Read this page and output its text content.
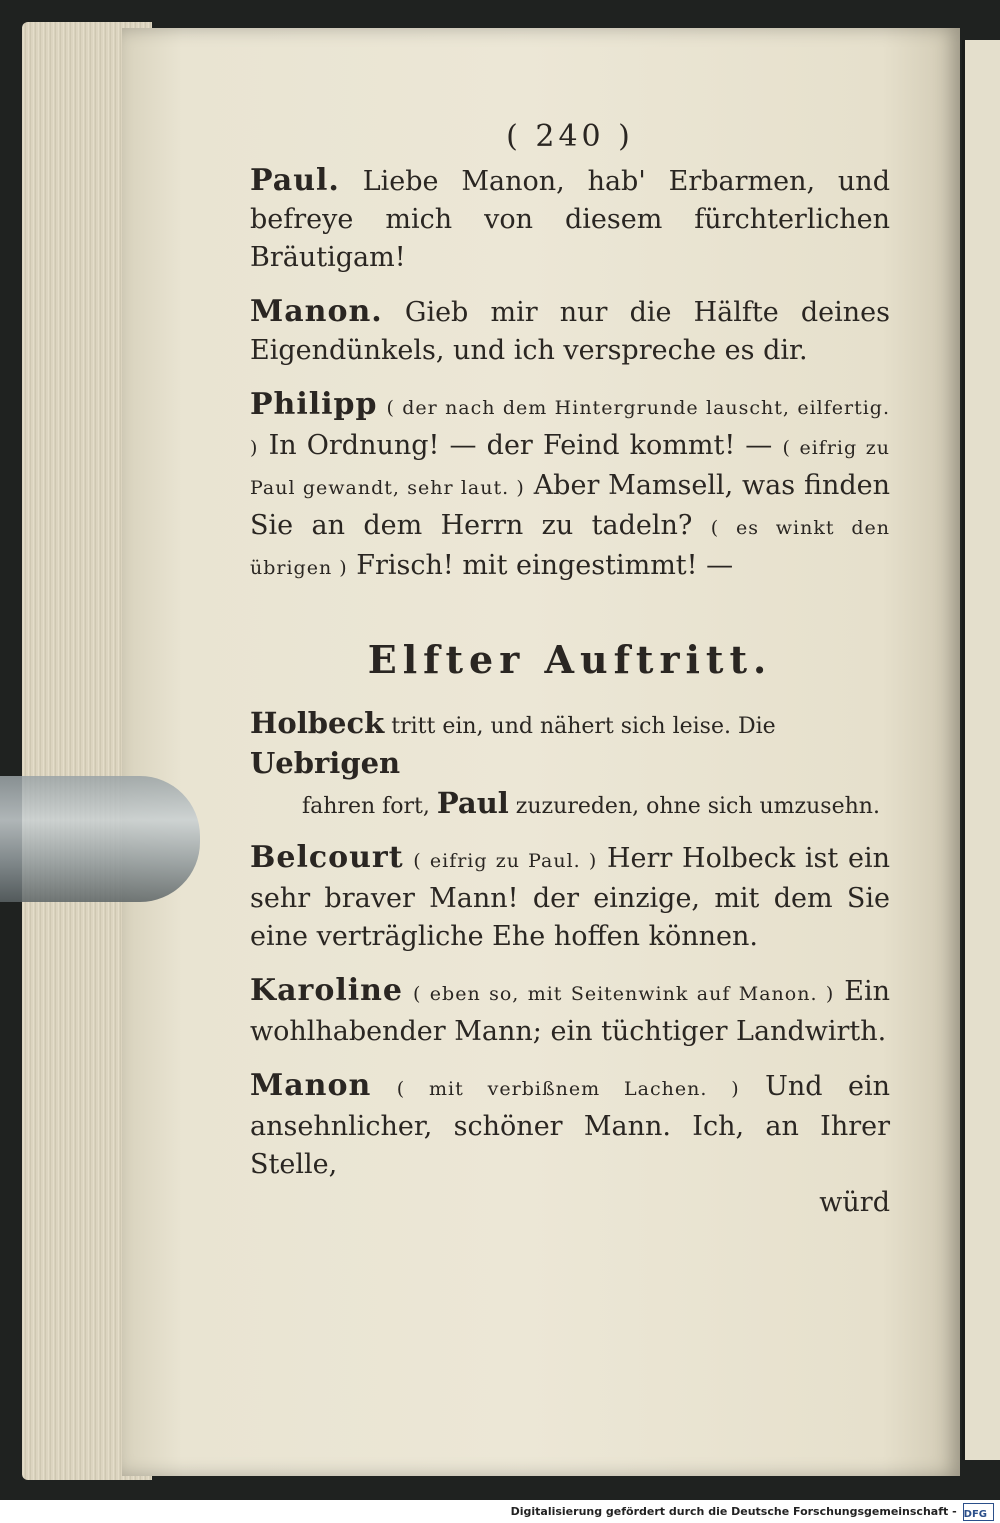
( 240 )

Paul. Liebe Manon, hab' Erbarmen, und befreye mich von diesem fürchterlichen Bräutigam!

Manon. Gieb mir nur die Hälfte deines Eigendünkels, und ich verspreche es dir.

Philipp ( der nach dem Hintergrunde lauscht, eilfertig. ) In Ordnung! — der Feind kommt! — ( eifrig zu Paul gewandt, sehr laut. ) Aber Mamsell, was finden Sie an dem Herrn zu tadeln? ( es winkt den übrigen ) Frisch! mit eingestimmt! —

Elfter Auftritt.

Holbeck tritt ein, und nähert sich leise. Die Uebrigen
fahren fort, Paul zuzureden, ohne sich umzusehn.

Belcourt ( eifrig zu Paul. ) Herr Holbeck ist ein sehr braver Mann! der einzige, mit dem Sie eine verträgliche Ehe hoffen können.

Karoline ( eben so, mit Seitenwink auf Manon. ) Ein wohlhabender Mann; ein tüchtiger Landwirth.

Manon ( mit verbißnem Lachen. ) Und ein ansehnlicher, schöner Mann. Ich, an Ihrer Stelle,

würd
Digitalisierung gefördert durch die Deutsche Forschungsgemeinschaft - DFG
